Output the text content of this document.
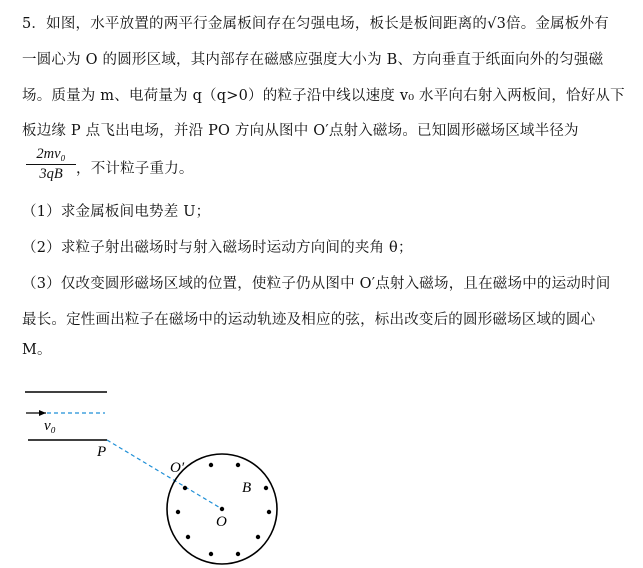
5．如图，水平放置的两平行金属板间存在匀强电场，板长是板间距离的√3倍。金属板外有
一圆心为 O 的圆形区域，其内部存在磁感应强度大小为 B、方向垂直于纸面向外的匀强磁
场。质量为 m、电荷量为 q（q>0）的粒子沿中线以速度 v₀ 水平向右射入两板间，恰好从下
板边缘 P 点飞出电场，并沿 PO 方向从图中 O′点射入磁场。已知圆形磁场区域半径为
$\frac{\text{2mv₀}}{3qB}$ ，不计粒子重力。
（1）求金属板间电势差 U；
（2）求粒子射出磁场时与射入磁场时运动方向间的夹角 θ；
（3）仅改变圆形磁场区域的位置，使粒子仍从图中 O′点射入磁场，且在磁场中的运动时间
最长。定性画出粒子在磁场中的运动轨迹及相应的弦，标出改变后的圆形磁场区域的圆心
M。
v₀
P
O′
B
O
